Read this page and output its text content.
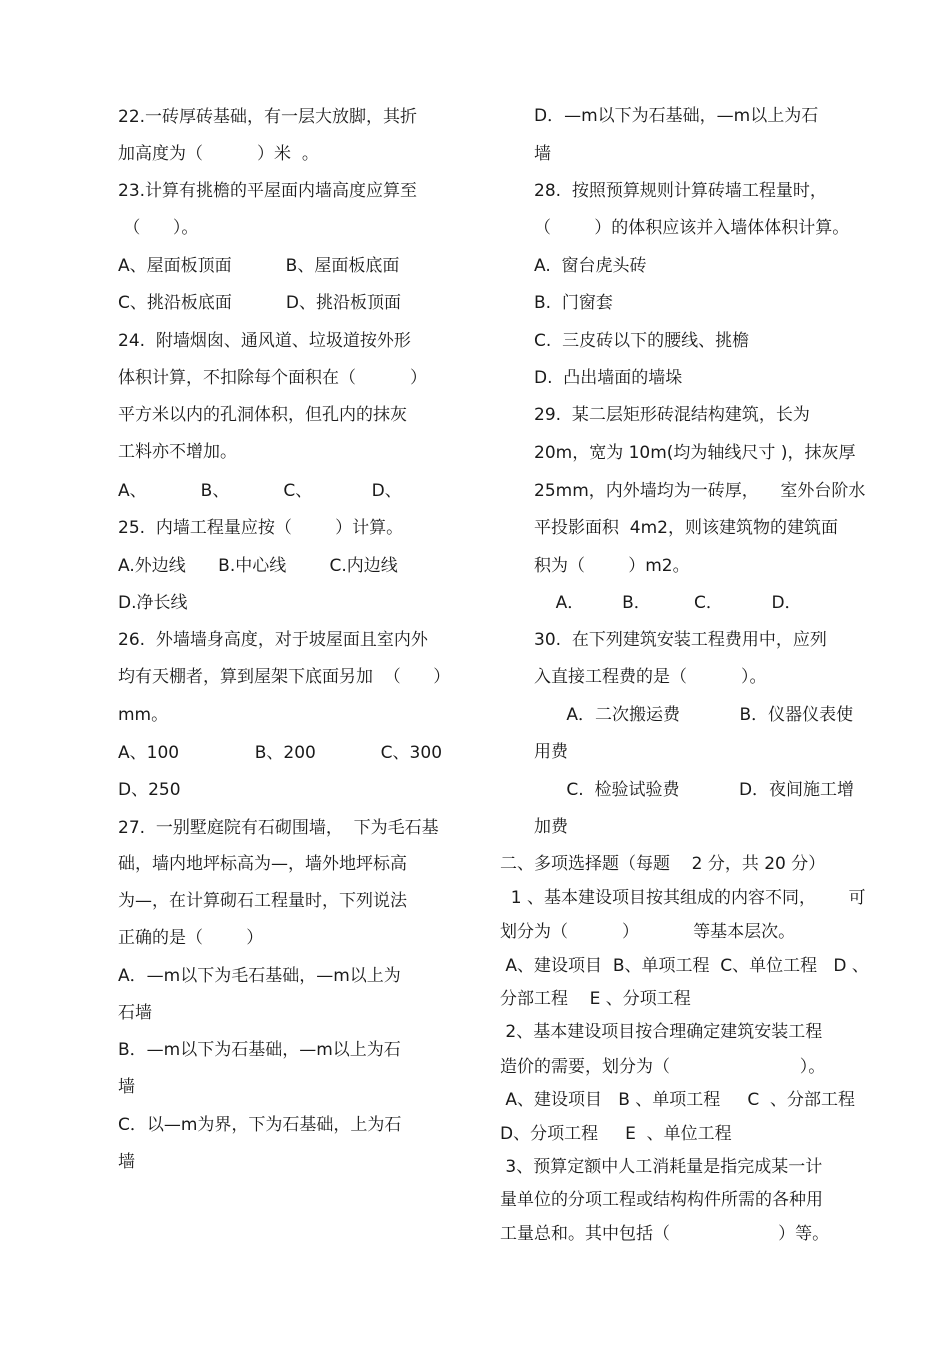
22.一砖厚砖基础，有一层大放脚，其折
加高度为（          ）米  。
23.计算有挑檐的平屋面内墙高度应算至
（      ）。
A、屋面板顶面          B、屋面板底面
C、挑沿板底面          D、挑沿板顶面
24.  附墙烟囱、通风道、垃圾道按外形
体积计算，不扣除每个面积在（          ）
平方米以内的孔洞体积，但孔内的抹灰
工料亦不增加。
A、          B、          C、           D、
25.  内墙工程量应按（        ）计算。
A.外边线      B.中心线        C.内边线
D.净长线
26.  外墙墙身高度，对于坡屋面且室内外
均有天棚者，算到屋架下底面另加  （      ）
mm。
A、100              B、200            C、300
D、250
27.  一别墅庭院有石砌围墙，  下为毛石基
础，墙内地坪标高为—，墙外地坪标高
为—，在计算砌石工程量时，下列说法
正确的是（        ）
A．—m以下为毛石基础，—m以上为
石墙
B．—m以下为石基础，—m以上为石
墙
C．以—m为界，下为石基础，上为石
墙
D．—m以下为石基础，—m以上为石
墙
28.  按照预算规则计算砖墙工程量时，
（        ）的体积应该并入墙体体积计算。
A.  窗台虎头砖
B.  门窗套
C.  三皮砖以下的腰线、挑檐
D.  凸出墙面的墙垛
29.  某二层矩形砖混结构建筑，长为
20m，宽为 10m(均为轴线尺寸 )，抹灰厚
25mm，内外墙均为一砖厚，    室外台阶水
平投影面积  4m2，则该建筑物的建筑面
积为（        ）m2。
A．       B．        C．         D．
30.  在下列建筑安装工程费用中，应列
入直接工程费的是（          ）。
A．二次搬运费           B．仪器仪表使
用费
C.  检验试验费           D．夜间施工增
加费
二、多项选择题（每题    2 分，共 20 分）
1 、基本建设项目按其组成的内容不同，      可
划分为（          ）          等基本层次。
A、建设项目  B、单项工程  C、单位工程   D 、
分部工程    E 、分项工程
2、基本建设项目按合理确定建筑安装工程
造价的需要，划分为（                        ）。
A、建设项目   B 、单项工程     C  、分部工程
D、分项工程     E  、单位工程
3、预算定额中人工消耗量是指完成某一计
量单位的分项工程或结构构件所需的各种用
工量总和。其中包括（                    ）等。
